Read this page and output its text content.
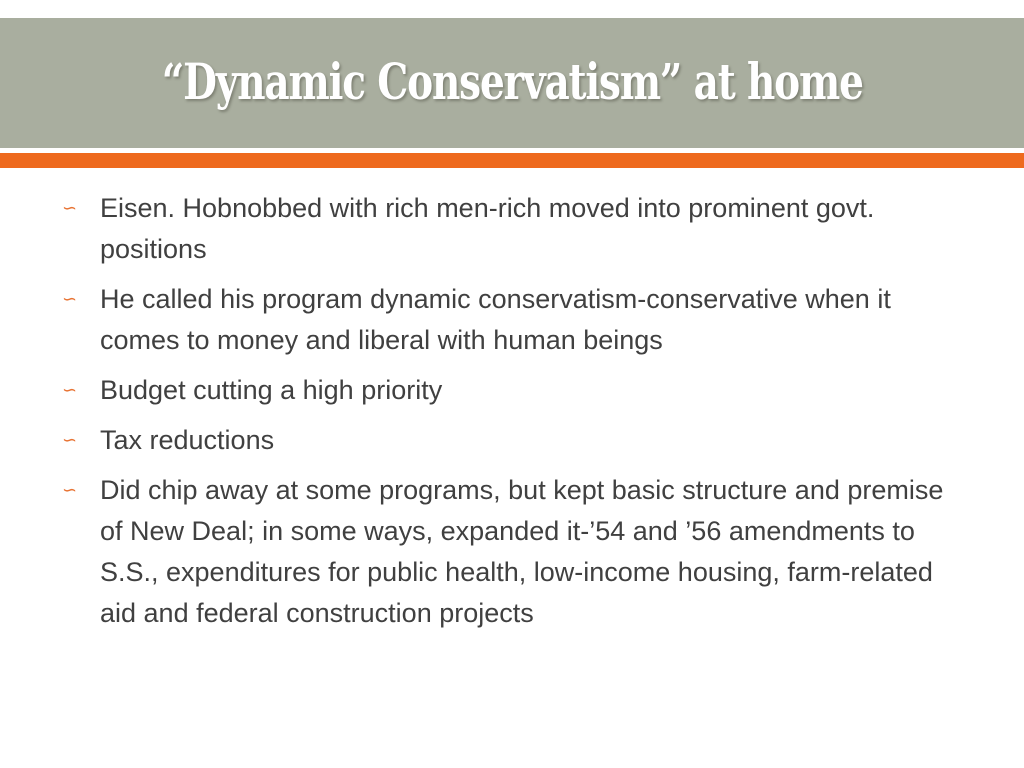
“Dynamic Conservatism” at home
∽ Eisen. Hobnobbed with rich men-rich moved into prominent govt. positions
∽ He called his program dynamic conservatism-conservative when it comes to money and liberal with human beings
∽ Budget cutting a high priority
∽ Tax reductions
∽ Did chip away at some programs, but kept basic structure and premise of New Deal; in some ways, expanded it-’54 and ’56 amendments to S.S., expenditures for public health, low-income housing, farm-related aid and federal construction projects
